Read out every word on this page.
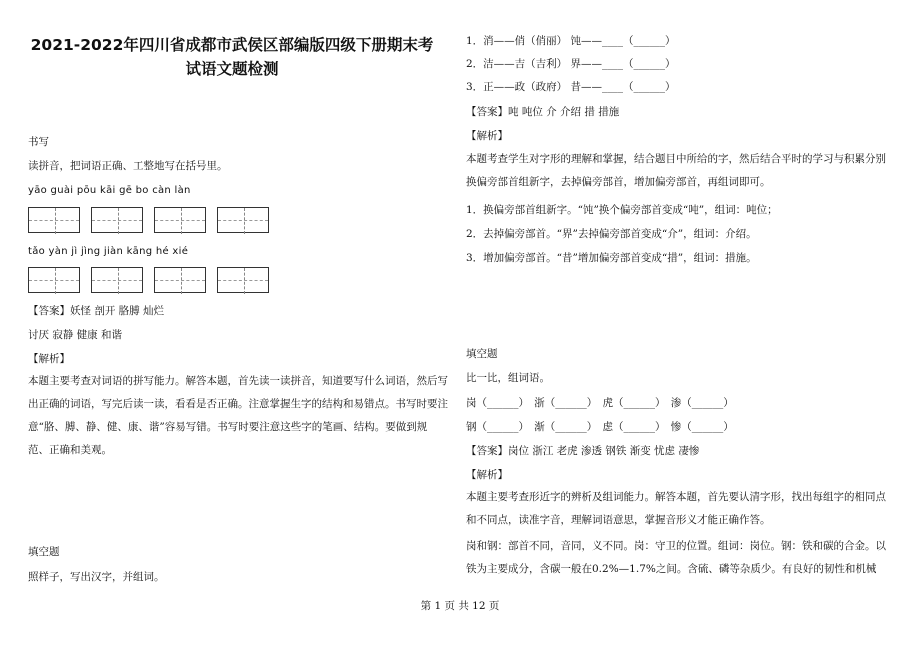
2021-2022年四川省成都市武侯区部编版四级下册期末考
试语文题检测
书写
读拼音，把词语正确、工整地写在括号里。
yāo guài pōu kāi gē bo càn làn
tǎo yàn jì jìng jiàn kāng hé xié
【答案】妖怪 剖开 胳膊 灿烂
讨厌 寂静 健康 和谐
【解析】
本题主要考查对词语的拼写能力。解答本题，首先读一读拼音，知道要写什么词语，然后写出正确的词语，写完后读一读，看看是否正确。注意掌握生字的结构和易错点。书写时要注意“胳、膊、静、健、康、谐”容易写错。书写时要注意这些字的笔画、结构。要做到规范、正确和美观。
填空题
照样子，写出汉字，并组词。
1．消——俏（俏丽） 饨——____（______）
2．洁——吉（吉利） 界——____（______）
3．正——政（政府） 昔——____（______）
【答案】吨 吨位 介 介绍 措 措施
【解析】
本题考查学生对字形的理解和掌握，结合题目中所给的字，然后结合平时的学习与积累分别换偏旁部首组新字，去掉偏旁部首，增加偏旁部首，再组词即可。
1．换偏旁部首组新字。“饨”换个偏旁部首变成“吨”，组词：吨位；
2．去掉偏旁部首。“界”去掉偏旁部首变成“介”，组词：介绍。
3．增加偏旁部首。“昔”增加偏旁部首变成“措”，组词：措施。
填空题
比一比，组词语。
岗（______）　浙（______）　虎（______）　渗（______）
钢（______）　渐（______）　虑（______）　惨（______）
【答案】岗位 浙江 老虎 渗透 钢铁 渐变 忧虑 凄惨
【解析】
本题主要考查形近字的辨析及组词能力。解答本题，首先要认清字形，找出每组字的相同点和不同点，读准字音，理解词语意思，掌握音形义才能正确作答。
岗和钢：部首不同，音同，义不同。岗：守卫的位置。组词：岗位。钢：铁和碳的合金。以铁为主要成分，含碳一般在0.2%—1.7%之间。含硫、磷等杂质少。有良好的韧性和机械
第 1 页 共 12 页
